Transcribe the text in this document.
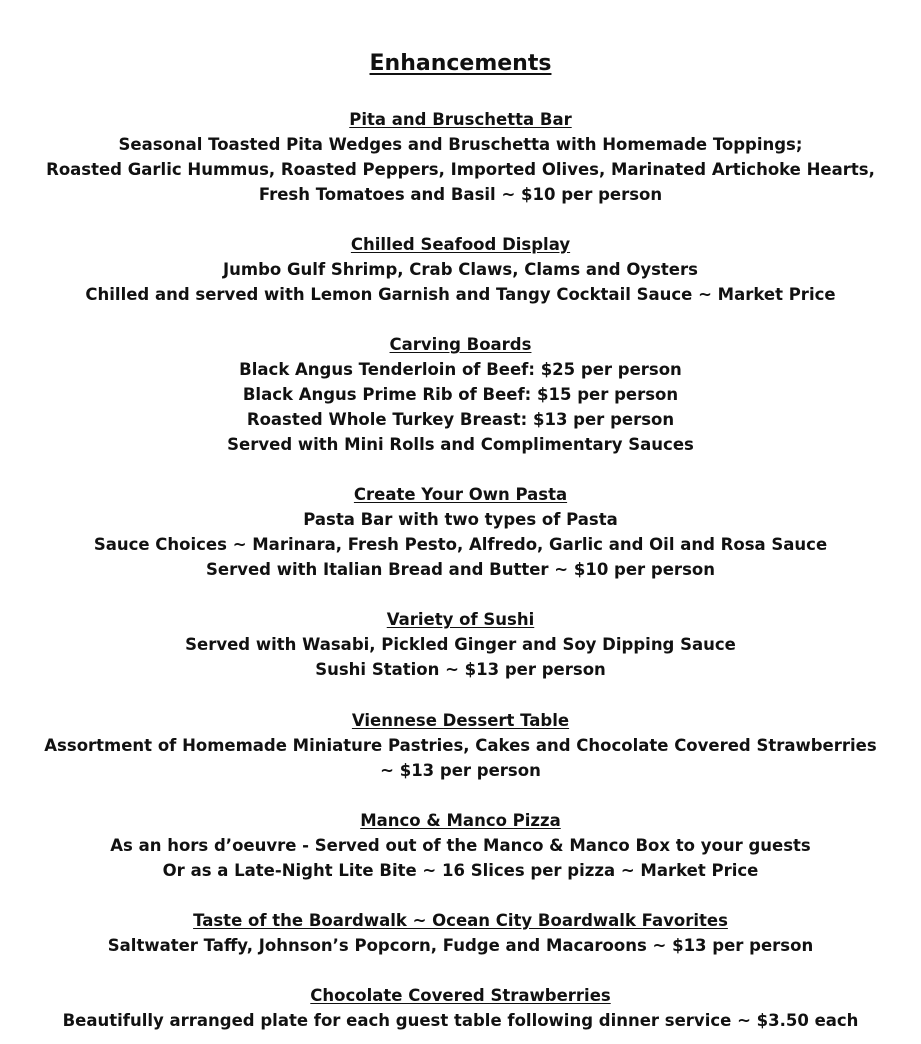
Enhancements
Pita and Bruschetta Bar
Seasonal Toasted Pita Wedges and Bruschetta with Homemade Toppings;
Roasted Garlic Hummus, Roasted Peppers, Imported Olives, Marinated Artichoke Hearts,
Fresh Tomatoes and Basil ~ $10 per person
Chilled Seafood Display
Jumbo Gulf Shrimp, Crab Claws, Clams and Oysters
Chilled and served with Lemon Garnish and Tangy Cocktail Sauce ~ Market Price
Carving Boards
Black Angus Tenderloin of Beef: $25 per person
Black Angus Prime Rib of Beef: $15 per person
Roasted Whole Turkey Breast: $13 per person
Served with Mini Rolls and Complimentary Sauces
Create Your Own Pasta
Pasta Bar with two types of Pasta
Sauce Choices ~ Marinara, Fresh Pesto, Alfredo, Garlic and Oil and Rosa Sauce
Served with Italian Bread and Butter ~ $10 per person
Variety of Sushi
Served with Wasabi, Pickled Ginger and Soy Dipping Sauce
Sushi Station ~ $13 per person
Viennese Dessert Table
Assortment of Homemade Miniature Pastries, Cakes and Chocolate Covered Strawberries
~ $13 per person
Manco & Manco Pizza
As an hors d’oeuvre - Served out of the Manco & Manco Box to your guests
Or as a Late-Night Lite Bite ~ 16 Slices per pizza ~ Market Price
Taste of the Boardwalk ~ Ocean City Boardwalk Favorites
Saltwater Taffy, Johnson’s Popcorn, Fudge and Macaroons ~ $13 per person
Chocolate Covered Strawberries
Beautifully arranged plate for each guest table following dinner service ~ $3.50 each
